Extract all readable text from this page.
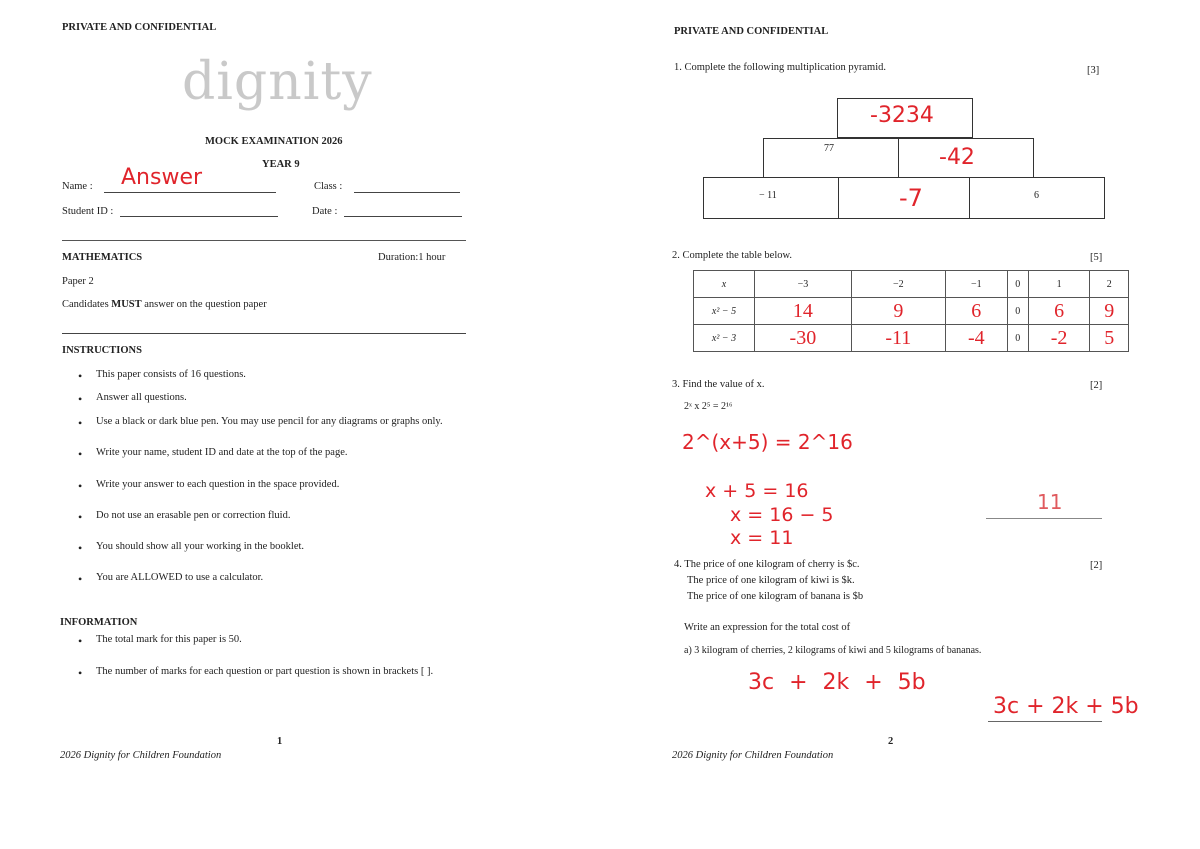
PRIVATE AND CONFIDENTIAL
dignity
MOCK EXAMINATION 2026
YEAR 9
Name : Answer	Class :
Student ID :	Date :
MATHEMATICS	Duration:1 hour
Paper 2
Candidates MUST answer on the question paper
INSTRUCTIONS
• This paper consists of 16 questions.
• Answer all questions.
• Use a black or dark blue pen. You may use pencil for any diagrams or graphs only.
• Write your name, student ID and date at the top of the page.
• Write your answer to each question in the space provided.
• Do not use an erasable pen or correction fluid.
• You should show all your working in the booklet.
• You are ALLOWED to use a calculator.
INFORMATION
• The total mark for this paper is 50.
• The number of marks for each question or part question is shown in brackets [ ].
1
2026 Dignity for Children Foundation
PRIVATE AND CONFIDENTIAL
1. Complete the following multiplication pyramid.	[3]
-3234
77	-42
− 11	-7	6
2. Complete the table below.	[5]
x	−3	−2	−1	0	1	2
x² − 5	14	9	6	0	6	9
x² − 3	-30	-11	-4	0	-2	5
3. Find the value of x.	[2]
2ˣ x 2⁵ = 2¹⁶
2^(x+5) = 2^16
x + 5 = 16
x = 16 − 5
x = 11
11
4. The price of one kilogram of cherry is $c.	[2]
The price of one kilogram of kiwi is $k.
The price of one kilogram of banana is $b
Write an expression for the total cost of
a) 3 kilogram of cherries, 2 kilograms of kiwi and 5 kilograms of bananas.
3c + 2k + 5b
3c + 2k + 5b
2
2026 Dignity for Children Foundation
